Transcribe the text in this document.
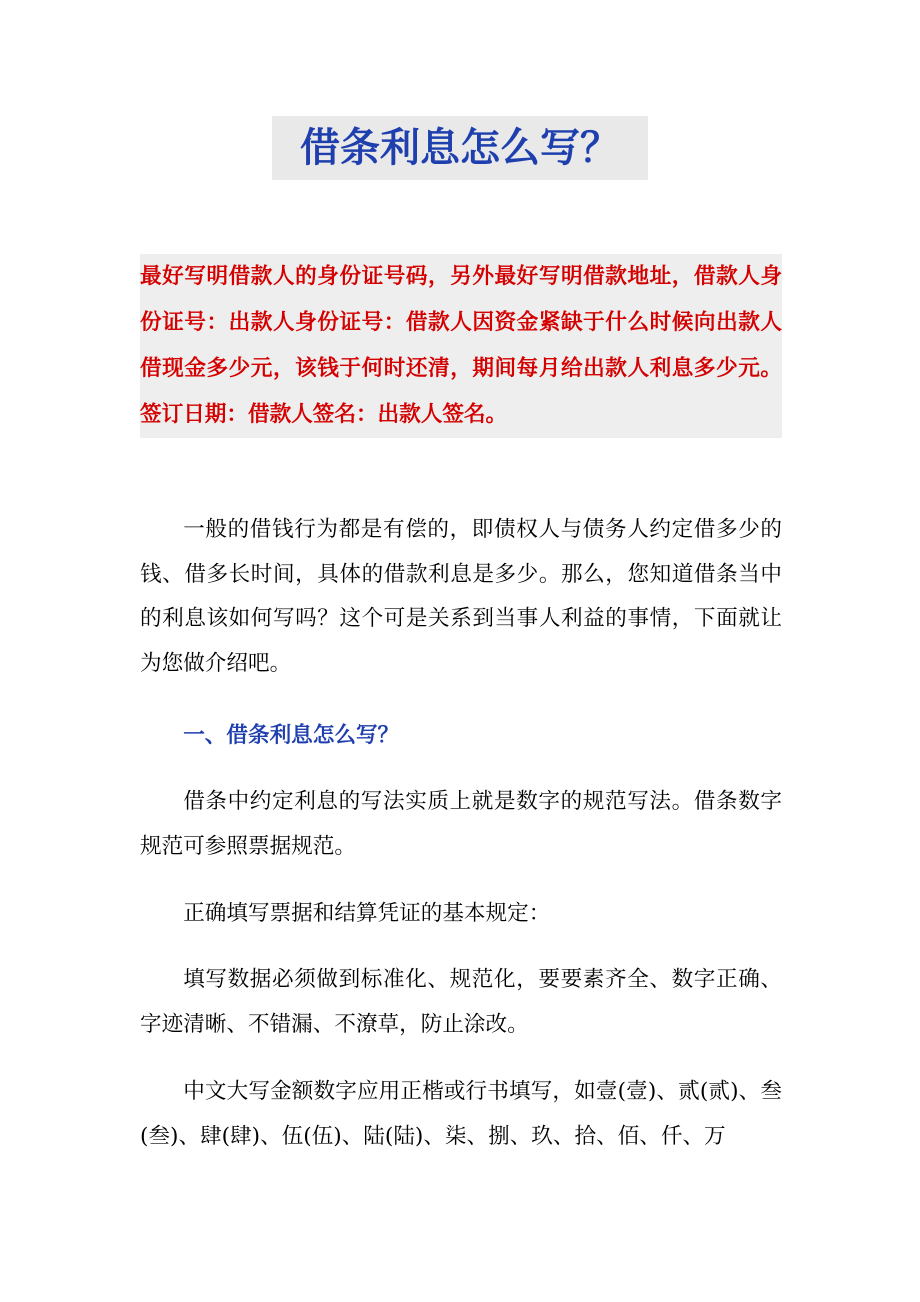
借条利息怎么写？

最好写明借款人的身份证号码，另外最好写明借款地址，借款人身份证号：出款人身份证号：借款人因资金紧缺于什么时候向出款人借现金多少元，该钱于何时还清，期间每月给出款人利息多少元。签订日期：借款人签名：出款人签名。

一般的借钱行为都是有偿的，即债权人与债务人约定借多少的钱、借多长时间，具体的借款利息是多少。那么，您知道借条当中的利息该如何写吗？这个可是关系到当事人利益的事情，下面就让为您做介绍吧。

一、借条利息怎么写？

借条中约定利息的写法实质上就是数字的规范写法。借条数字规范可参照票据规范。

正确填写票据和结算凭证的基本规定：

填写数据必须做到标准化、规范化，要要素齐全、数字正确、字迹清晰、不错漏、不潦草，防止涂改。

中文大写金额数字应用正楷或行书填写，如壹(壹)、贰(贰)、叁(叁)、肆(肆)、伍(伍)、陆(陆)、柒、捌、玖、拾、佰、仟、万
